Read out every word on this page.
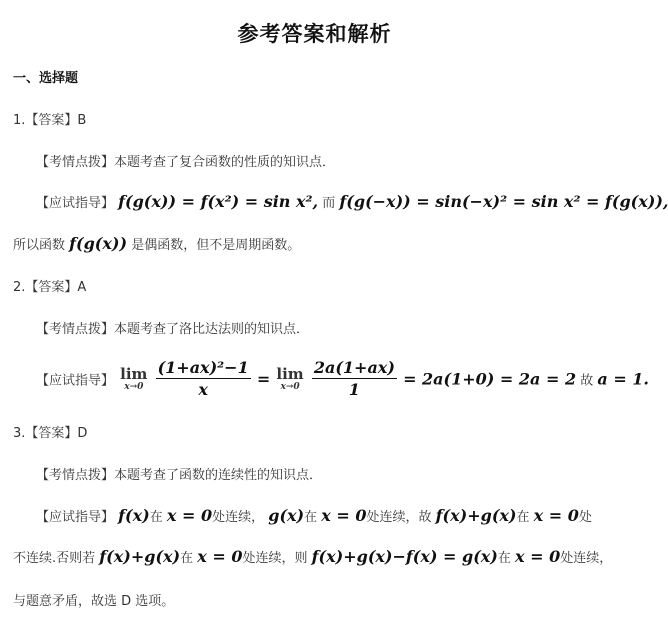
参考答案和解析
一、选择题
1.【答案】B
【考情点拨】本题考查了复合函数的性质的知识点．
【应试指导】 f(g(x)) = f(x²) = sin x², 而 f(g(−x)) = sin(−x)² = sin x² = f(g(x)),
所以函数 f(g(x)) 是偶函数，但不是周期函数。
2.【答案】A
【考情点拨】本题考查了洛比达法则的知识点．
【应试指导】 lim
x→0
$\frac{\text{(1+ax)²−1}}{x} = \lim$
x→0
$\frac{2a(1+ax)}{1} = 2a(1+0) = 2a = 2$ 故 a = 1.
3.【答案】D
【考情点拨】本题考查了函数的连续性的知识点．
【应试指导】 f(x)在 x = 0处连续， g(x)在 x = 0处连续，故 f(x)+g(x)在 x = 0处
不连续.否则若 f(x)+g(x)在 x = 0处连续，则 f(x)+g(x)−f(x) = g(x)在 x = 0处连续，
与题意矛盾，故选 D 选项。
